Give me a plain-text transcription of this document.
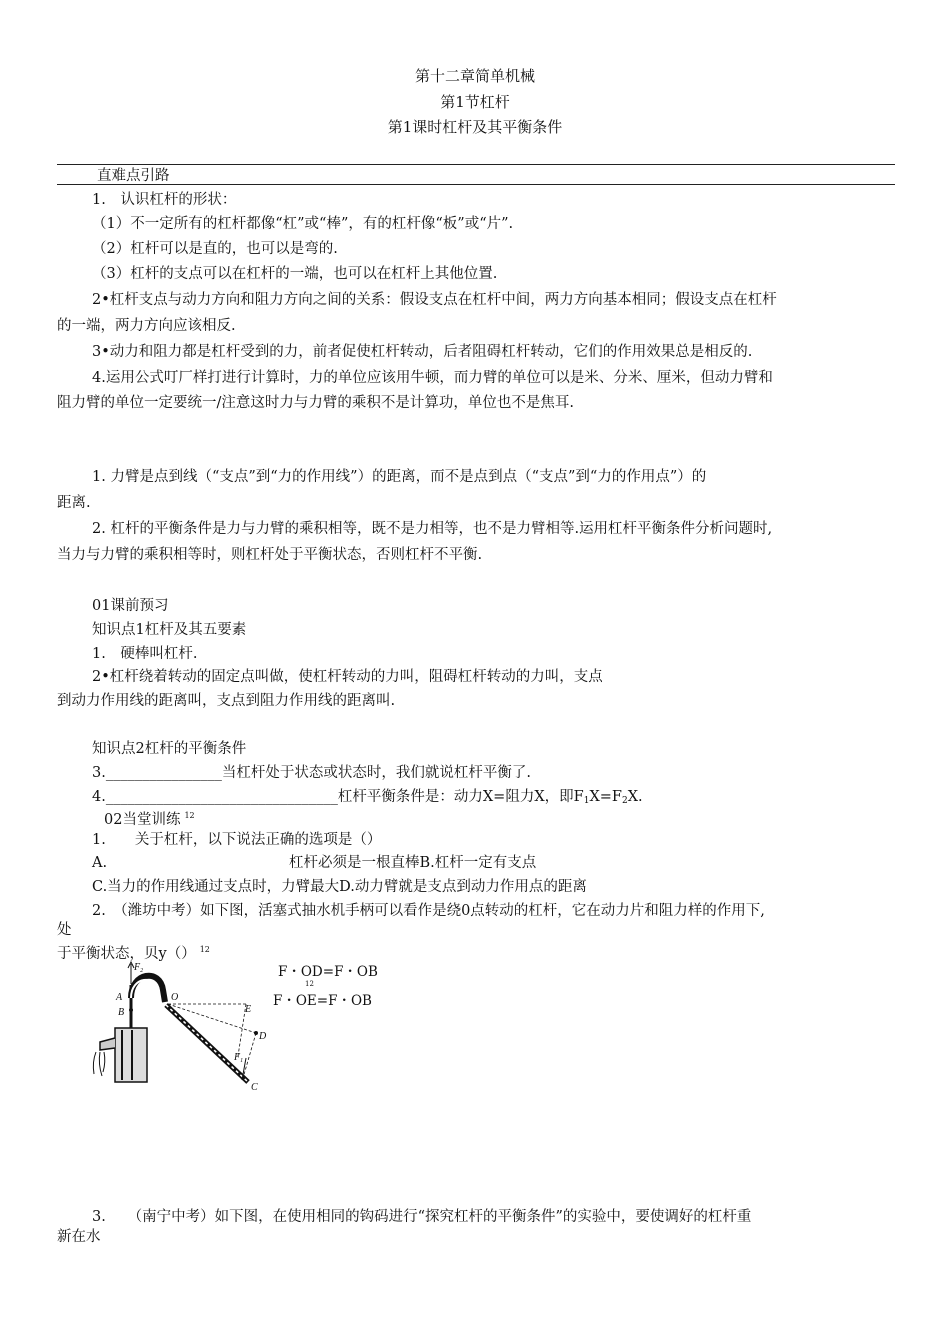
第十二章简单机械
第1节杠杆
第1课时杠杆及其平衡条件
直难点引路
1.　认识杠杆的形状：
（1）不一定所有的杠杆都像“杠”或“棒”，有的杠杆像“板”或“片”.
（2）杠杆可以是直的，也可以是弯的.
（3）杠杆的支点可以在杠杆的一端，也可以在杠杆上其他位置.
2•杠杆支点与动力方向和阻力方向之间的关系：假设支点在杠杆中间，两力方向基本相同；假设支点在杠杆
的一端，两力方向应该相反.
3•动力和阻力都是杠杆受到的力，前者促使杠杆转动，后者阻碍杠杆转动，它们的作用效果总是相反的.
4.运用公式叮厂样打进行计算时，力的单位应该用牛顿，而力臂的单位可以是米、分米、厘米，但动力臂和
阻力臂的单位一定要统一/注意这时力与力臂的乘积不是计算功，单位也不是焦耳.
1. 力臂是点到线（“支点”到“力的作用线”）的距离，而不是点到点（“支点”到“力的作用点”）的
距离.
2. 杠杆的平衡条件是力与力臂的乘积相等，既不是力相等，也不是力臂相等.运用杠杆平衡条件分析问题时,
当力与力臂的乘积相等时，则杠杆处于平衡状态，否则杠杆不平衡.
01课前预习
知识点1杠杆及其五要素
1.　硬棒叫杠杆.
2•杠杆绕着转动的固定点叫做，使杠杆转动的力叫，阻碍杠杆转动的力叫，支点
到动力作用线的距离叫，支点到阻力作用线的距离叫.
知识点2杠杆的平衡条件
3.________________当杠杆处于状态或状态时，我们就说杠杆平衡了.
4.________________________________杠杆平衡条件是：动力X=阻力X，即$F_1X=F_2X$.
02当堂训练 $^{12}$
1.　　关于杠杆，以下说法正确的选项是（）
A.	杠杆必须是一根直棒B.杠杆一定有支点
C.当力的作用线通过支点时，力臂最大D.动力臂就是支点到动力作用点的距离
2.　（潍坊中考）如下图，活塞式抽水机手柄可以看作是绕0点转动的杠杆，它在动力片和阻力样的作用下,
处
于平衡状态，贝y（） $^{12}$
F・OD=F・OB
12
F・OE=F・OB
$F_2$
A
B
O
E
D
$F_1$
C
3.　　（南宁中考）如下图，在使用相同的钩码进行“探究杠杆的平衡条件”的实验中，要使调好的杠杆重
新在水
